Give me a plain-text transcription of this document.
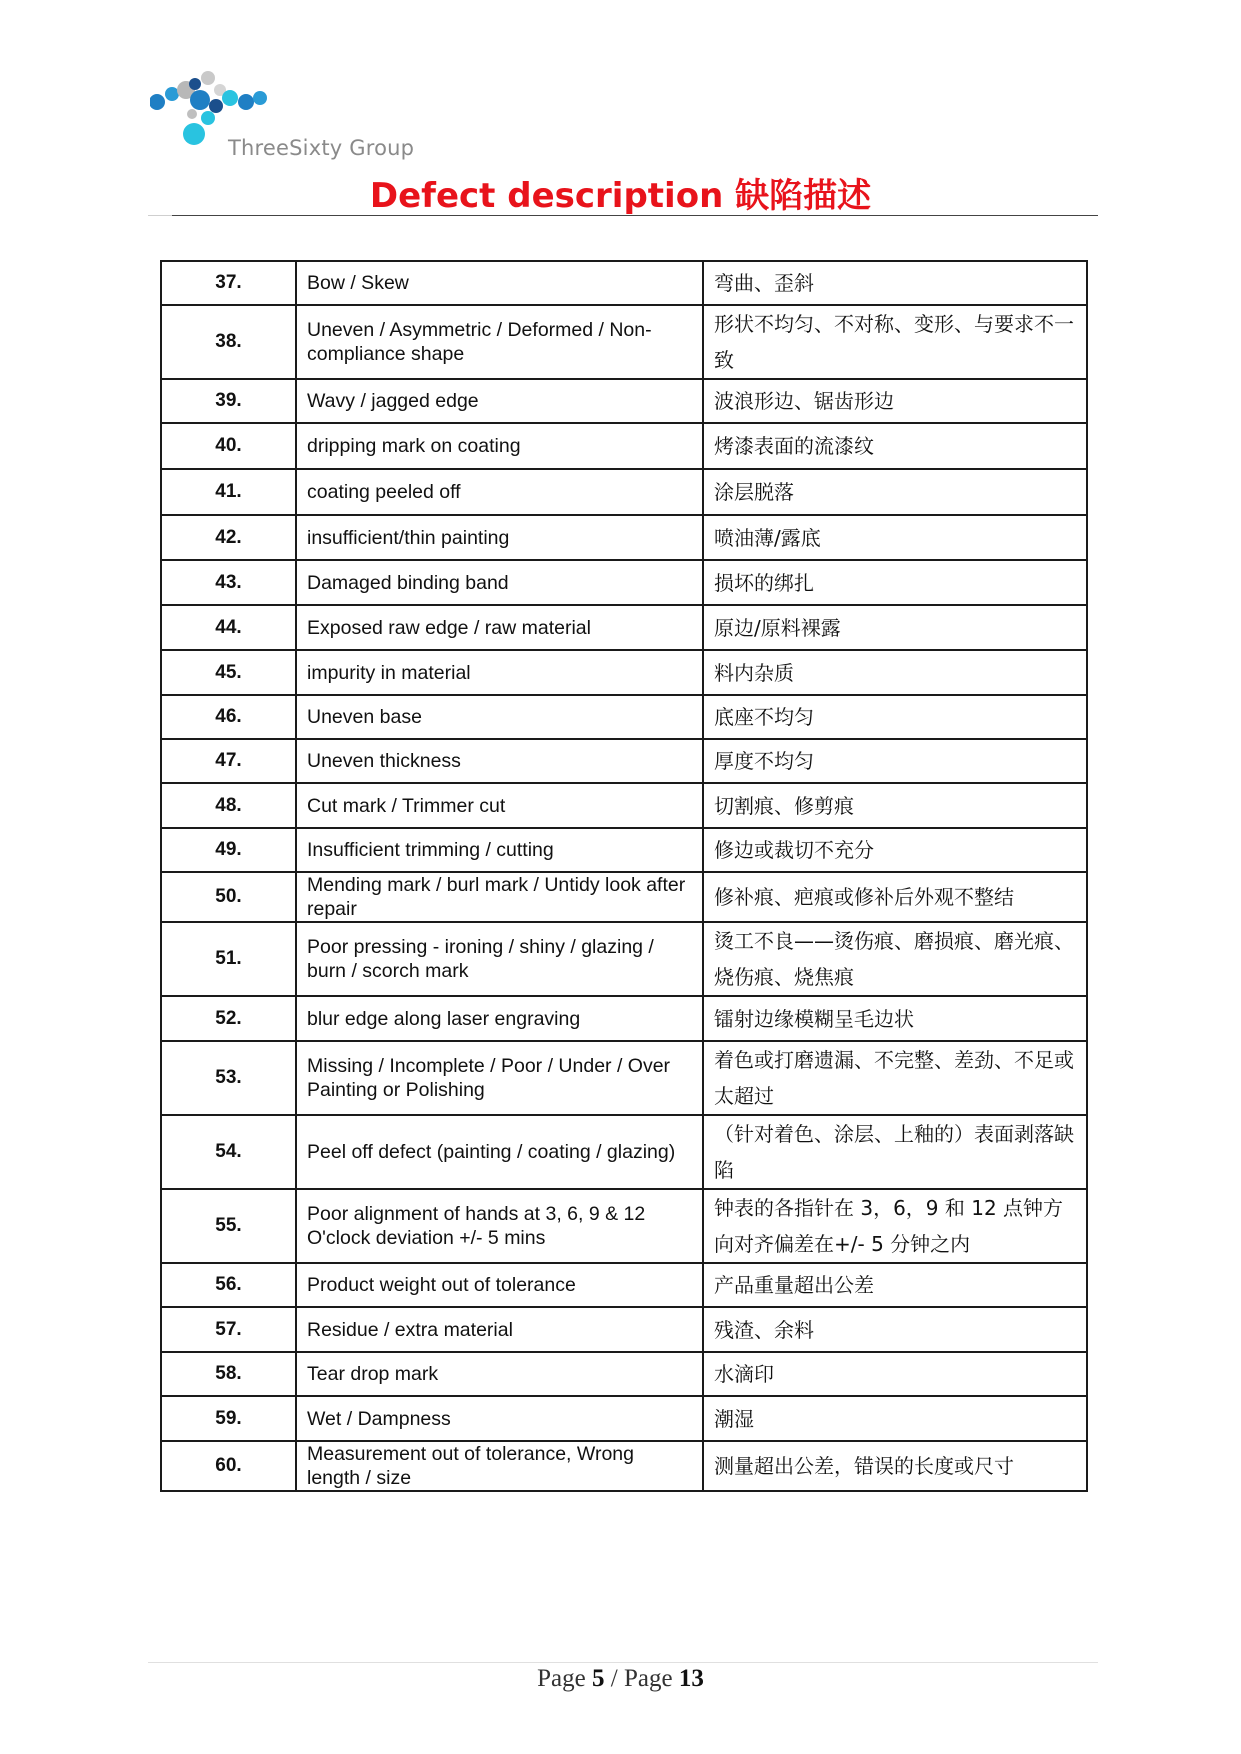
ThreeSixty Group
Defect description 缺陷描述
37.	Bow / Skew	弯曲、歪斜
38.	Uneven / Asymmetric / Deformed / Non-compliance shape	形状不均匀、不对称、变形、与要求不一致
39.	Wavy / jagged edge	波浪形边、锯齿形边
40.	dripping mark on coating	烤漆表面的流漆纹
41.	coating peeled off	涂层脱落
42.	insufficient/thin painting	喷油薄/露底
43.	Damaged binding band	损坏的绑扎
44.	Exposed raw edge / raw material	原边/原料裸露
45.	impurity in material	料内杂质
46.	Uneven base	底座不均匀
47.	Uneven thickness	厚度不均匀
48.	Cut mark / Trimmer cut	切割痕、修剪痕
49.	Insufficient trimming / cutting	修边或裁切不充分
50.	Mending mark / burl mark / Untidy look after repair	修补痕、疤痕或修补后外观不整结
51.	Poor pressing - ironing / shiny / glazing / burn / scorch mark	烫工不良——烫伤痕、磨损痕、磨光痕、烧伤痕、烧焦痕
52.	blur edge along laser engraving	镭射边缘模糊呈毛边状
53.	Missing / Incomplete / Poor / Under / Over Painting or Polishing	着色或打磨遗漏、不完整、差劲、不足或太超过
54.	Peel off defect (painting / coating / glazing)	（针对着色、涂层、上釉的）表面剥落缺陷
55.	Poor alignment of hands at 3, 6, 9 & 12 O'clock deviation +/- 5 mins	钟表的各指针在 3，6，9 和 12 点钟方向对齐偏差在+/- 5 分钟之内
56.	Product weight out of tolerance	产品重量超出公差
57.	Residue / extra material	残渣、余料
58.	Tear drop mark	水滴印
59.	Wet / Dampness	潮湿
60.	Measurement out of tolerance, Wrong length / size	测量超出公差，错误的长度或尺寸
Page 5 / Page 13
